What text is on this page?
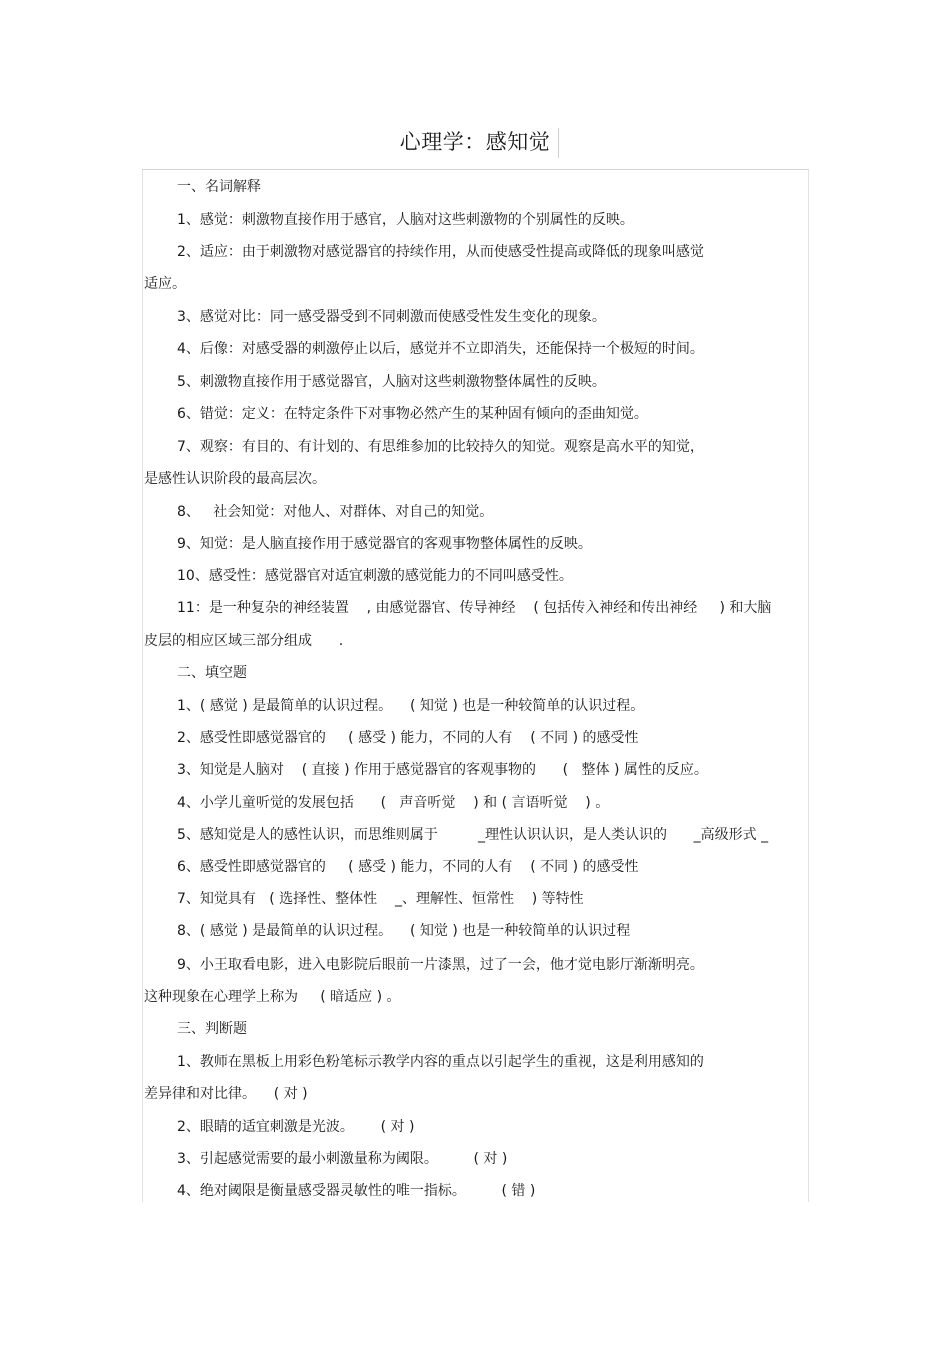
心理学：感知觉
一、名词解释
1、感觉：刺激物直接作用于感官，人脑对这些刺激物的个别属性的反映。
2、适应：由于刺激物对感觉器官的持续作用，从而使感受性提高或降低的现象叫感觉
适应。
3、感觉对比：同一感受器受到不同刺激而使感受性发生变化的现象。
4、后像：对感受器的刺激停止以后，感觉并不立即消失，还能保持一个极短的时间。
5、刺激物直接作用于感觉器官，人脑对这些刺激物整体属性的反映。
6、错觉：定义：在特定条件下对事物必然产生的某种固有倾向的歪曲知觉。
7、观察：有目的、有计划的、有思维参加的比较持久的知觉。观察是高水平的知觉，
是感性认识阶段的最高层次。
8、   社会知觉：对他人、对群体、对自己的知觉。
9、知觉：是人脑直接作用于感觉器官的客观事物整体属性的反映。
10、感受性：感觉器官对适宜刺激的感觉能力的不同叫感受性。
11：是一种复杂的神经装置    , 由感觉器官、传导神经    ( 包括传入神经和传出神经     ) 和大脑
皮层的相应区域三部分组成      .
二、填空题
1、( 感觉 ) 是最简单的认识过程。    ( 知觉 ) 也是一种较简单的认识过程。
2、感受性即感觉器官的     ( 感受 ) 能力，不同的人有    ( 不同 ) 的感受性
3、知觉是人脑对    ( 直接 ) 作用于感觉器官的客观事物的      (   整体 ) 属性的反应。
4、小学儿童听觉的发展包括      (   声音听觉    ) 和 ( 言语听觉    ) 。
5、感知觉是人的感性认识，而思维则属于         _理性认识认识，是人类认识的      _高级形式 _
6、感受性即感觉器官的     ( 感受 ) 能力，不同的人有    ( 不同 ) 的感受性
7、知觉具有   ( 选择性、整体性    _、理解性、恒常性    ) 等特性
8、( 感觉 ) 是最简单的认识过程。    ( 知觉 ) 也是一种较简单的认识过程
9、小王取看电影，进入电影院后眼前一片漆黑，过了一会，他才觉电影厅渐渐明亮。
这种现象在心理学上称为     ( 暗适应 ) 。
三、判断题
1、教师在黑板上用彩色粉笔标示教学内容的重点以引起学生的重视，这是利用感知的
差异律和对比律。    ( 对 )
2、眼睛的适宜刺激是光波。      ( 对 )
3、引起感觉需要的最小刺激量称为阈限。        ( 对 )
4、绝对阈限是衡量感受器灵敏性的唯一指标。        ( 错 )
